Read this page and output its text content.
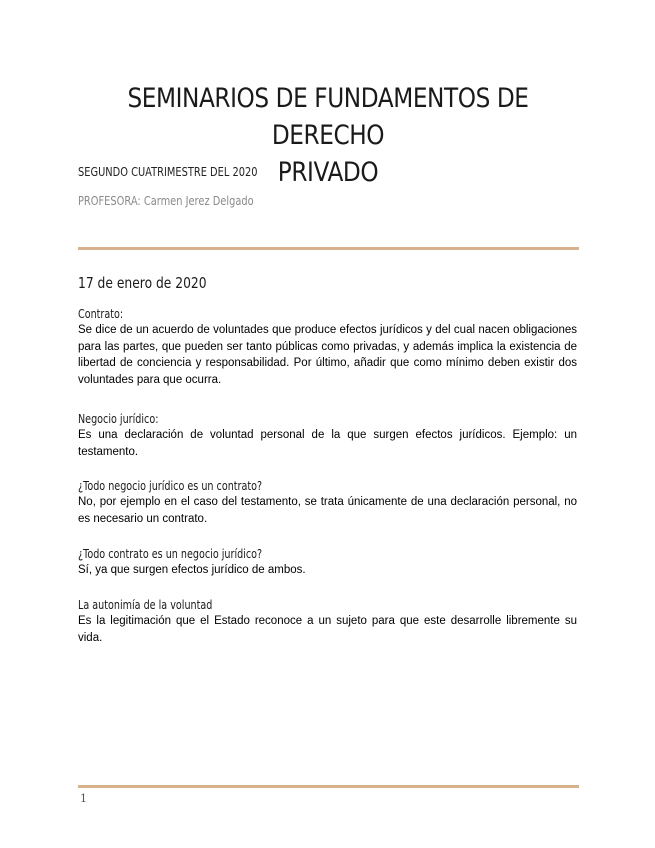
SEMINARIOS DE FUNDAMENTOS DE DERECHO
PRIVADO
SEGUNDO CUATRIMESTRE DEL 2020
PROFESORA: Carmen Jerez Delgado
17 de enero de 2020
Contrato:

Se dice de un acuerdo de voluntades que produce efectos jurídicos y del cual nacen obligaciones para las partes, que pueden ser tanto públicas como privadas, y además implica la existencia de libertad de conciencia y responsabilidad. Por último, añadir que como mínimo deben existir dos voluntades para que ocurra.

Negocio jurídico:

Es una declaración de voluntad personal de la que surgen efectos jurídicos. Ejemplo: un testamento.

¿Todo negocio jurídico es un contrato?

No, por ejemplo en el caso del testamento, se trata únicamente de una declaración personal, no es necesario un contrato.

¿Todo contrato es un negocio jurídico?

Sí, ya que surgen efectos jurídico de ambos.

La autonimía de la voluntad

Es la legitimación que el Estado reconoce a un sujeto para que este desarrolle libremente su vida.

1
